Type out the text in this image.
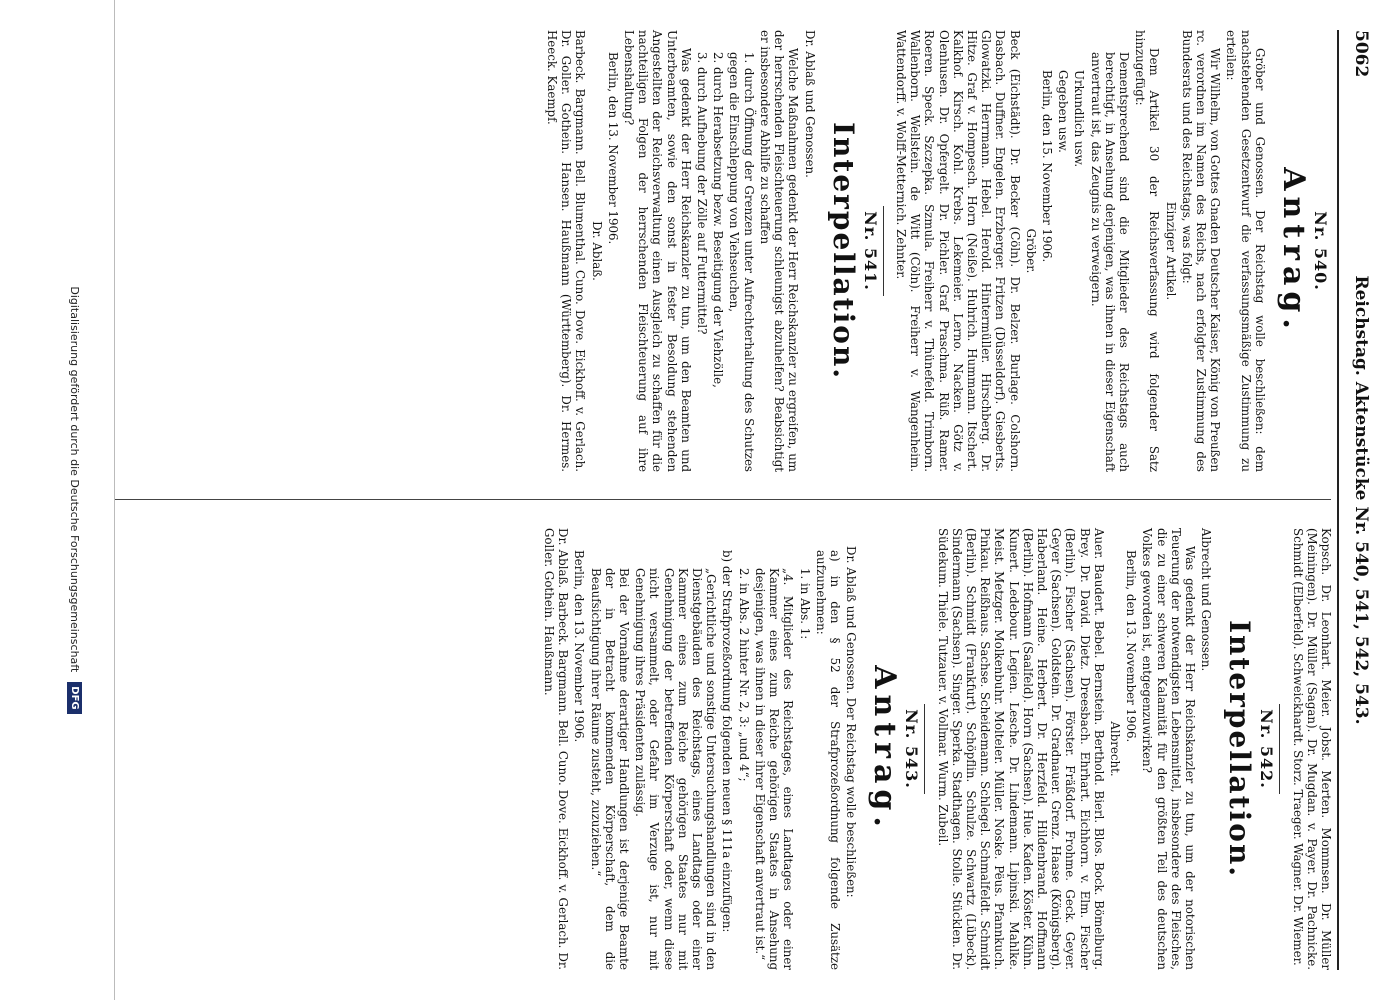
5062
Reichstag. Aktenstücke Nr. 540, 541, 542, 543.
Nr. 540.
Antrag.

Gröber und Genossen. Der Reichstag wolle beschließen: dem nachstehenden Gesetzentwurf die verfassungsmäßige Zustimmung zu erteilen:

Wir Wilhelm, von Gottes Gnaden Deutscher Kaiser, König von Preußen rc. verordnen im Namen des Reichs, nach erfolgter Zustimmung des Bundesrats und des Reichstags, was folgt:

Einziger Artikel.

Dem Artikel 30 der Reichsverfassung wird folgender Satz hinzugefügt:

Dementsprechend sind die Mitglieder des Reichstags auch berechtigt, in Ansehung derjenigen, was ihnen in dieser Eigenschaft anvertraut ist, das Zeugnis zu verweigern.

Urkundlich usw.

Gegeben usw.

Berlin, den 15. November 1906.

Gröber.

Beck (Eichstädt). Dr. Becker (Cöln). Dr. Belzer. Burlage. Colshorn. Dasbach. Duffner. Engelen. Erzberger. Fritzen (Düsseldorf). Giesberts. Glowatzki. Herrmann. Hebel. Herold. Hintermüller. Hirschberg. Dr. Hitze. Graf v. Hompesch. Horn (Neiße). Huhrich. Hummann. Itschert. Kalkhof. Kirsch. Kohl. Krebs. Lekemeier. Lerno. Nacken. Götz v. Olenhusen. Dr. Opfergelt. Dr. Pichler. Graf Praschma. Rüß. Ramer. Roeren. Speck. Szczepka. Szmula. Freiherr v. Thünefeld. Trimborn. Wallenborn. Wellstein. de Witt (Cöln). Freiherr v. Wangenheim. Wattendorff. v. Wolff-Metternich. Zehnter.

Nr. 541.
Interpellation.

Dr. Ablaß und Genossen.

Welche Maßnahmen gedenkt der Herr Reichskanzler zu ergreifen, um der herrschenden Fleischteuerung schleunigst abzuhelfen? Beabsichtigt er insbesondere Abhilfe zu schaffen

1. durch Öffnung der Grenzen unter Aufrechterhaltung des Schutzes gegen die Einschleppung von Viehseuchen,

2. durch Herabsetzung bezw. Beseitigung der Viehzölle,

3. durch Aufhebung der Zölle auf Futtermittel?

Was gedenkt der Herr Reichskanzler zu tun, um den Beamten und Unterbeamten, sowie den sonst in fester Besoldung stehenden Angestellten der Reichsverwaltung einen Ausgleich zu schaffen für die nachteiligen Folgen der herrschenden Fleischteuerung auf ihre Lebenshaltung?

Berlin, den 13. November 1906.

Dr. Ablaß.

Barbeck. Bargmann. Bell. Blumenthal. Cuno. Dove. Eickhoff. v. Gerlach. Dr. Goller. Gothein. Hansen. Haußmann (Württemberg). Dr. Hermes. Heeck. Kaempf.

Kopsch. Dr. Leonhart. Meier. Jobst. Merten. Mommsen. Dr. Müller (Meiningen). Dr. Müller (Sagan). Dr. Mugdan. v. Payer. Dr. Pachnicke. Schmidt (Elberfeld). Schweickhardt. Storz. Traeger. Wagner. Dr. Wiemer.

Nr. 542.
Interpellation.

Albrecht und Genossen.

Was gedenkt der Herr Reichskanzler zu tun, um der notorischen Teuerung der notwendigsten Lebensmittel, insbesondere des Fleisches, die zu einer schweren Kalamität für den größten Teil des deutschen Volkes geworden ist, entgegenzuwirken?

Berlin, den 13. November 1906.

Albrecht.

Auer. Baudert. Bebel. Bernstein. Berthold. Bierl. Blos. Bock. Bömelburg. Brey. Dr. David. Dietz. Dreesbach. Ehrhart. Eichhorn. v. Elm. Fischer (Berlin). Fischer (Sachsen). Förster. Fräßdorf. Frohme. Geck. Geyer. Geyer (Sachsen). Goldstein. Dr. Gradnauer. Grenz. Haase (Königsberg). Haberland. Heine. Herbert. Dr. Herzfeld. Hildenbrand. Hoffmann (Berlin). Hofmann (Saalfeld). Horn (Sachsen). Hue. Kaden. Köster. Kühn. Kunert. Ledebour. Legien. Lesche. Dr. Lindemann. Lipinski. Mahlke. Meist. Metzger. Molkenbuhr. Molteler. Müller. Noske. Pëus. Pfannkuch. Pinkau. Reißhaus. Sachse. Scheidemann. Schlegel. Schmalfeldt. Schmidt (Berlin). Schmidt (Frankfurt). Schöpflin. Schulze. Schwartz (Lübeck). Sindermann (Sachsen). Singer. Sperka. Stadthagen. Stolle. Stücklen. Dr. Südekum. Thiele. Tutzauer. v. Vollmar. Wurm. Zubeil.

Nr. 543.
Antrag.

Dr. Ablaß und Genossen. Der Reichstag wolle beschließen:

a) in den § 52 der Strafprozeßordnung folgende Zusätze aufzunehmen:

1. in Abs. 1:

„4. Mitglieder des Reichstages, eines Landtages oder einer Kammer eines zum Reiche gehörigen Staates in Ansehung desjenigen, was ihnen in dieser ihrer Eigenschaft anvertraut ist.“

2. in Abs. 2 hinter Nr. 2, 3: „und 4“;

b) der Strafprozeßordnung folgenden neuen § 111a einzufügen:

„Gerichtliche und sonstige Untersuchungshandlungen sind in den Dienstgebäuden des Reichstags, eines Landtags oder einer Kammer eines zum Reiche gehörigen Staates nur mit Genehmigung der betreffenden Körperschaft oder, wenn diese nicht versammelt, oder Gefahr im Verzuge ist, nur mit Genehmigung ihres Präsidenten zulässig.

Bei der Vornahme derartiger Handlungen ist derjenige Beamte der in Betracht kommenden Körperschaft, dem die Beaufsichtigung ihrer Räume zusteht, zuzuziehen.“

Berlin, den 13. November 1906.

Dr. Ablaß. Barbeck. Bargmann. Bell. Cuno. Dove. Eickhoff. v. Gerlach. Dr. Goller. Gothein. Haußmann.

Digitalisierung gefördert durch die Deutsche Forschungsgemeinschaft
DFG
